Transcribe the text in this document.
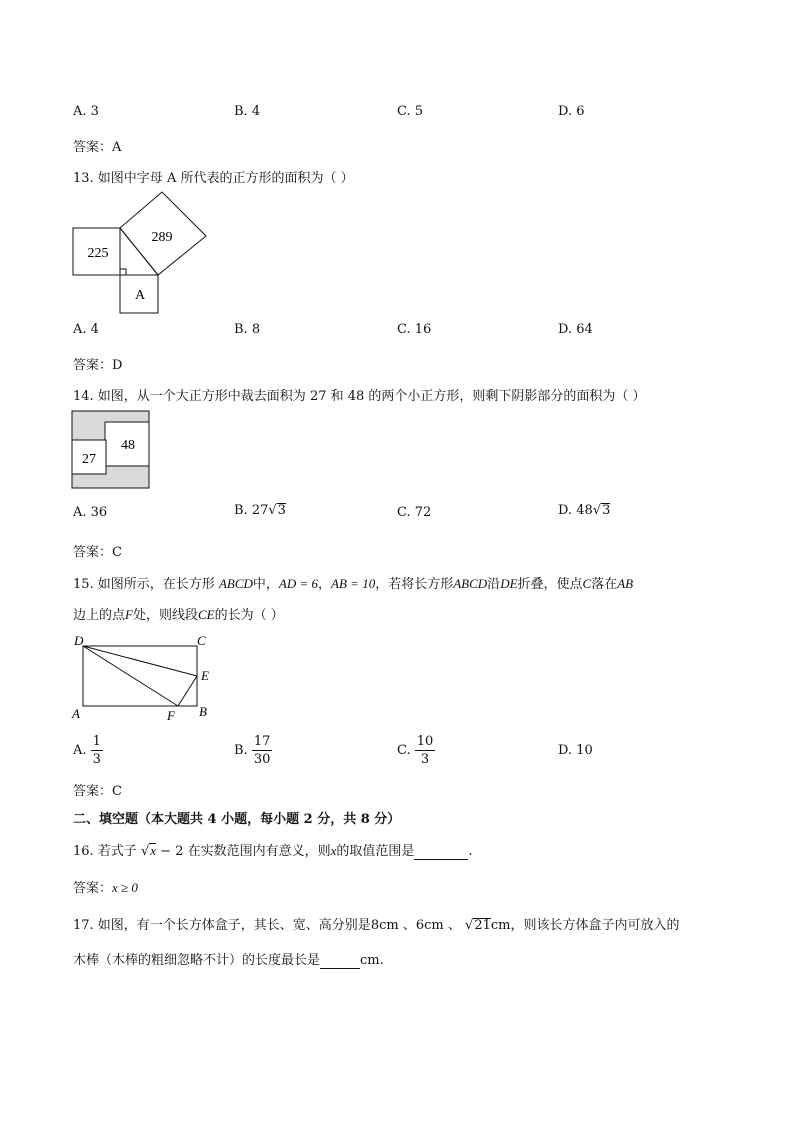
A. 3	B. 4	C. 5	D. 6
答案：A
13. 如图中字母 A 所代表的正方形的面积为（ ）
225
289
A
A. 4	B. 8	C. 16	D. 64
答案：D
14. 如图，从一个大正方形中裁去面积为 27 和 48 的两个小正方形，则剩下阴影部分的面积为（ ）
48
27
A. 36	B. 27√3	C. 72	D. 48√3
答案：C
15. 如图所示，在长方形 ABCD中，AD = 6，AB = 10，若将长方形ABCD沿DE折叠，使点C落在AB
边上的点F处，则线段CE的长为（ ）
D	C
E
A	F B
A. $\frac{1}{3}$	B. $\frac{17}{30}$	C. $\frac{10}{3}$	D. 10
答案：C
二、填空题（本大题共 4 小题，每小题 2 分，共 8 分）
16. 若式子 √x − 2 在实数范围内有意义，则x的取值范围是	.
答案：x ≥ 0
17. 如图，有一个长方体盒子，其长、宽、高分别是8cm 、6cm 、 √21cm，则该长方体盒子内可放入的
木棒（木棒的粗细忽略不计）的长度最长是	cm.
